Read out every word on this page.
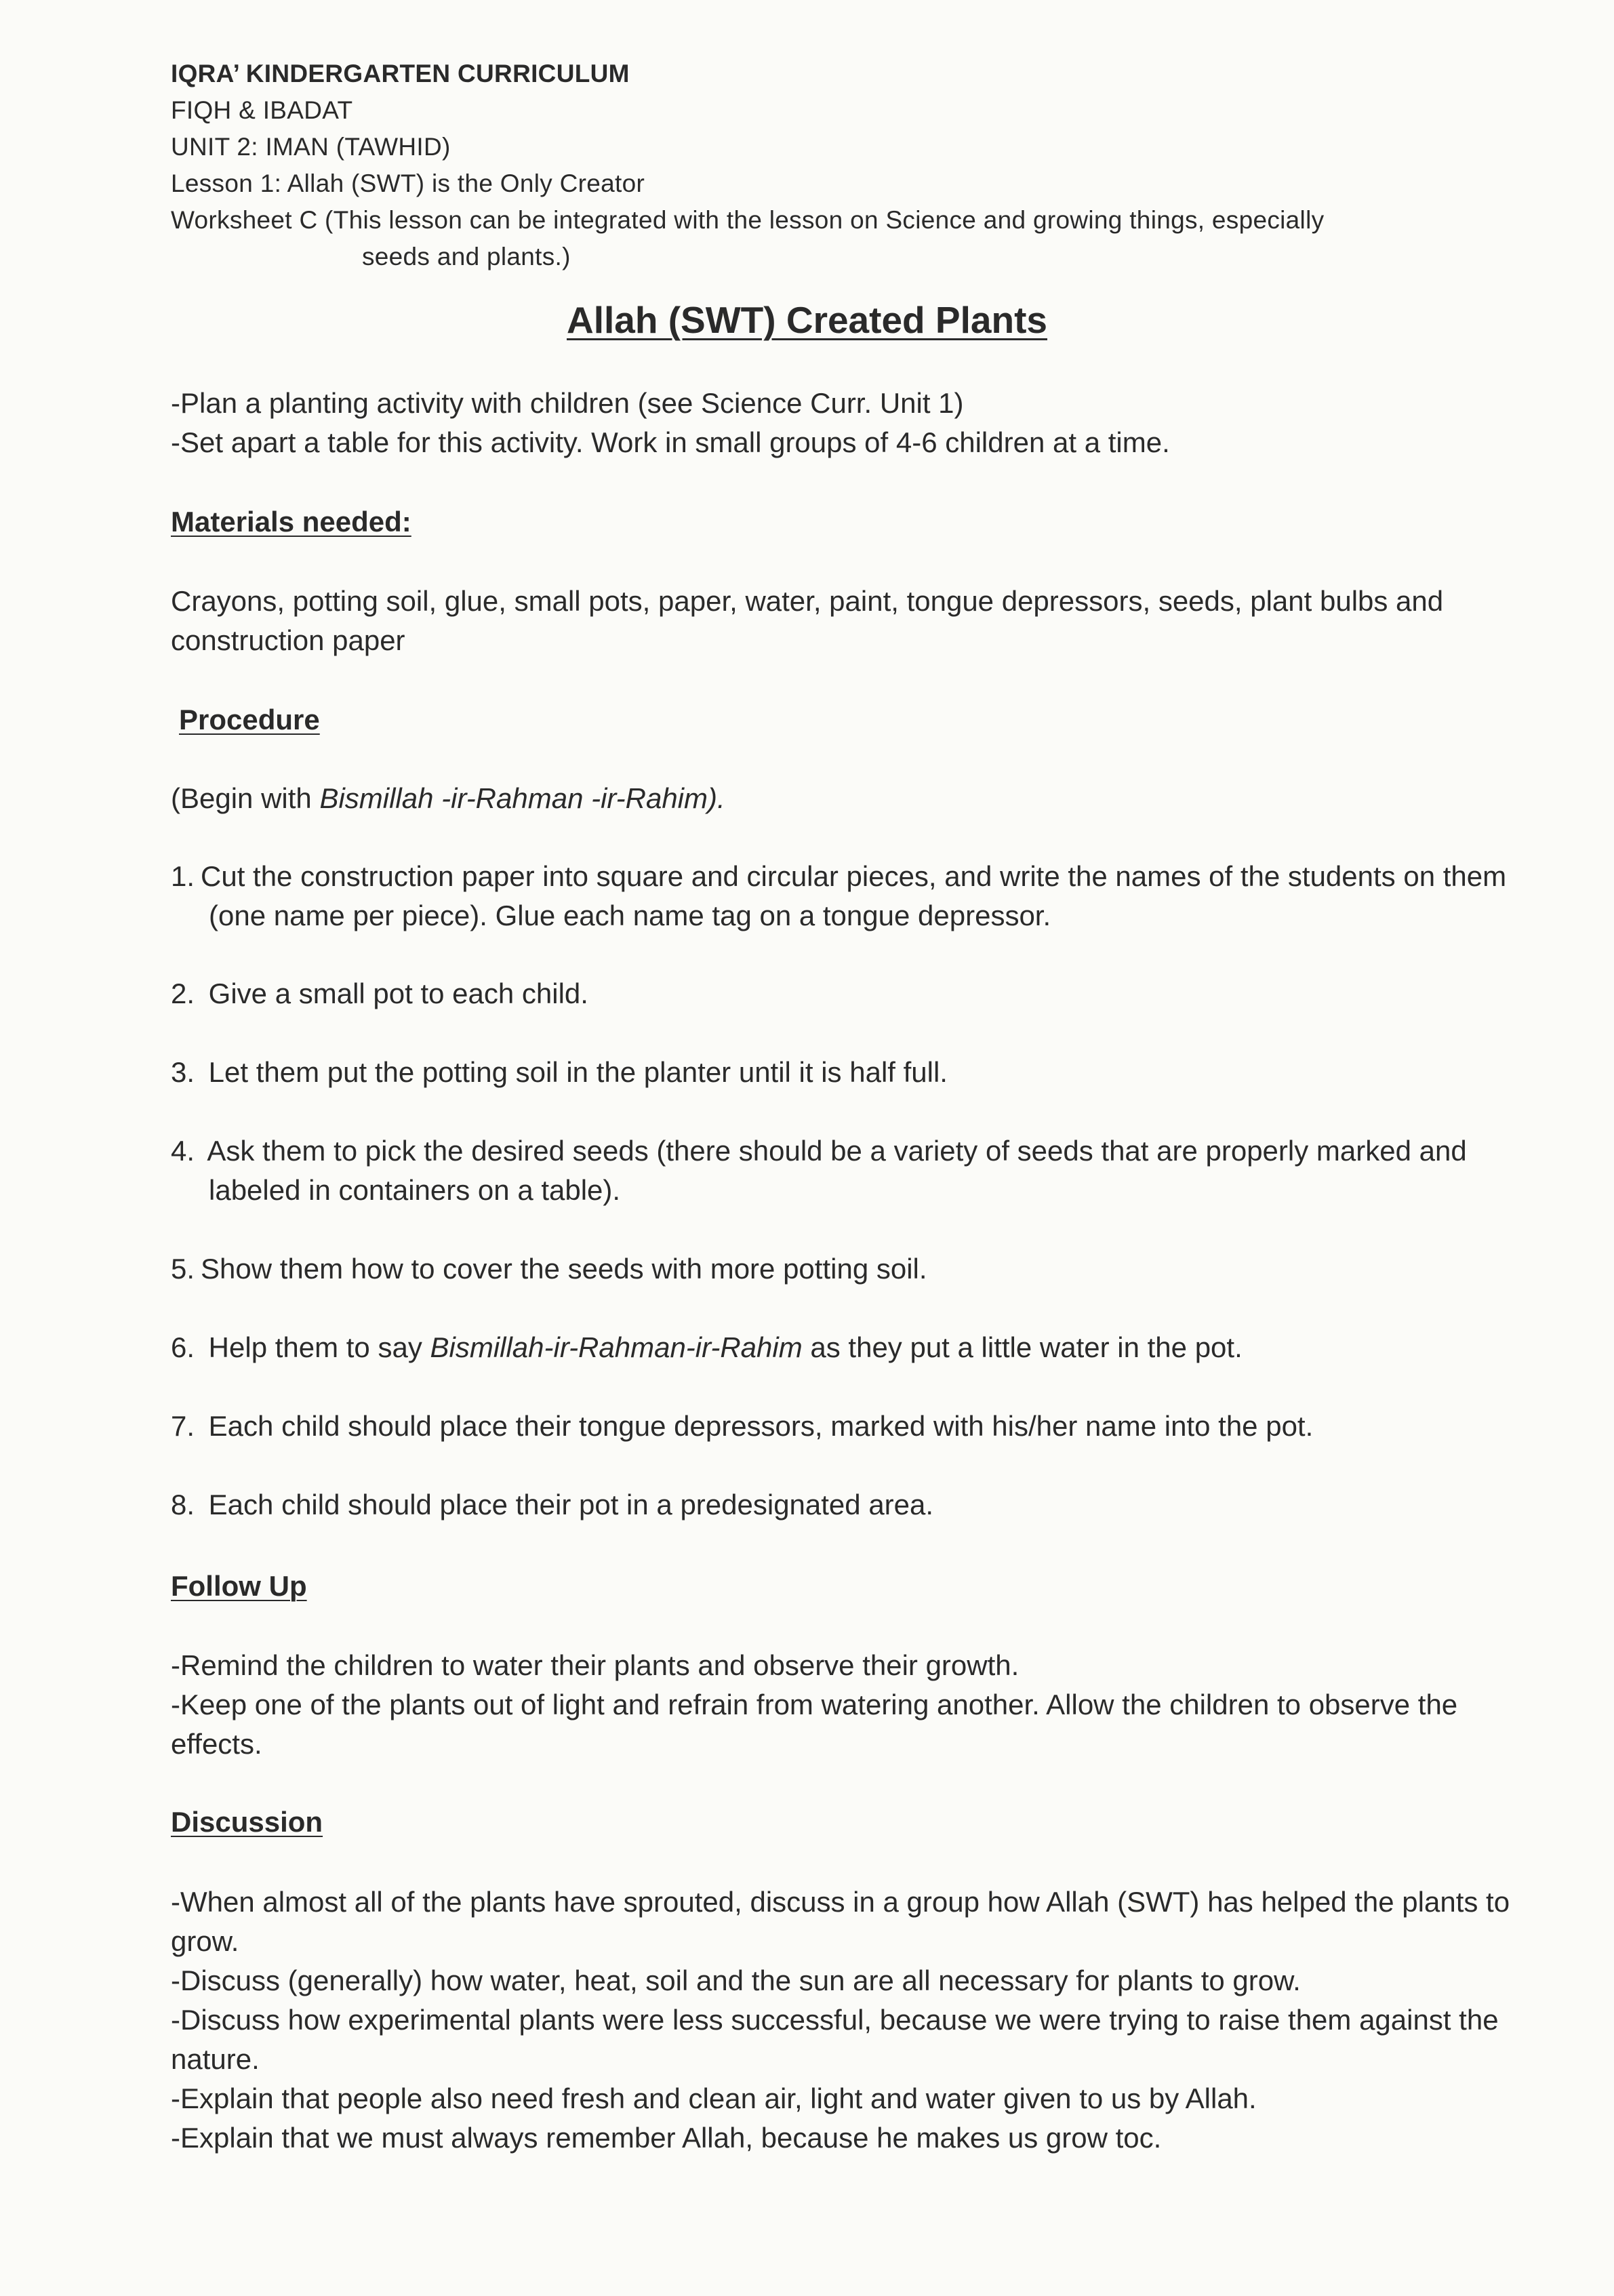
IQRA’ KINDERGARTEN CURRICULUM
FIQH & IBADAT
UNIT 2: IMAN (TAWHID)
Lesson 1: Allah (SWT) is the Only Creator
Worksheet C (This lesson can be integrated with the lesson on Science and growing things, especially
seeds and plants.)
Allah (SWT) Created Plants

-Plan a planting activity with children (see Science Curr. Unit 1)

-Set apart a table for this activity. Work in small groups of 4-6 children at a time.

Materials needed:

Crayons, potting soil, glue, small pots, paper, water, paint, tongue depressors, seeds, plant bulbs and construction paper

Procedure

(Begin with Bismillah -ir-Rahman -ir-Rahim).

1. Cut the construction paper into square and circular pieces, and write the names of the students on them
(one name per piece). Glue each name tag on a tongue depressor.
2. Give a small pot to each child.
3. Let them put the potting soil in the planter until it is half full.
4. Ask them to pick the desired seeds (there should be a variety of seeds that are properly marked and
labeled in containers on a table).
5. Show them how to cover the seeds with more potting soil.
6. Help them to say Bismillah-ir-Rahman-ir-Rahim as they put a little water in the pot.
7. Each child should place their tongue depressors, marked with his/her name into the pot.
8. Each child should place their pot in a predesignated area.

Follow Up

-Remind the children to water their plants and observe their growth.

-Keep one of the plants out of light and refrain from watering another. Allow the children to observe the

effects.

Discussion

-When almost all of the plants have sprouted, discuss in a group how Allah (SWT) has helped the plants to

grow.

-Discuss (generally) how water, heat, soil and the sun are all necessary for plants to grow.

-Discuss how experimental plants were less successful, because we were trying to raise them against the

nature.

-Explain that people also need fresh and clean air, light and water given to us by Allah.

-Explain that we must always remember Allah, because he makes us grow toc.
